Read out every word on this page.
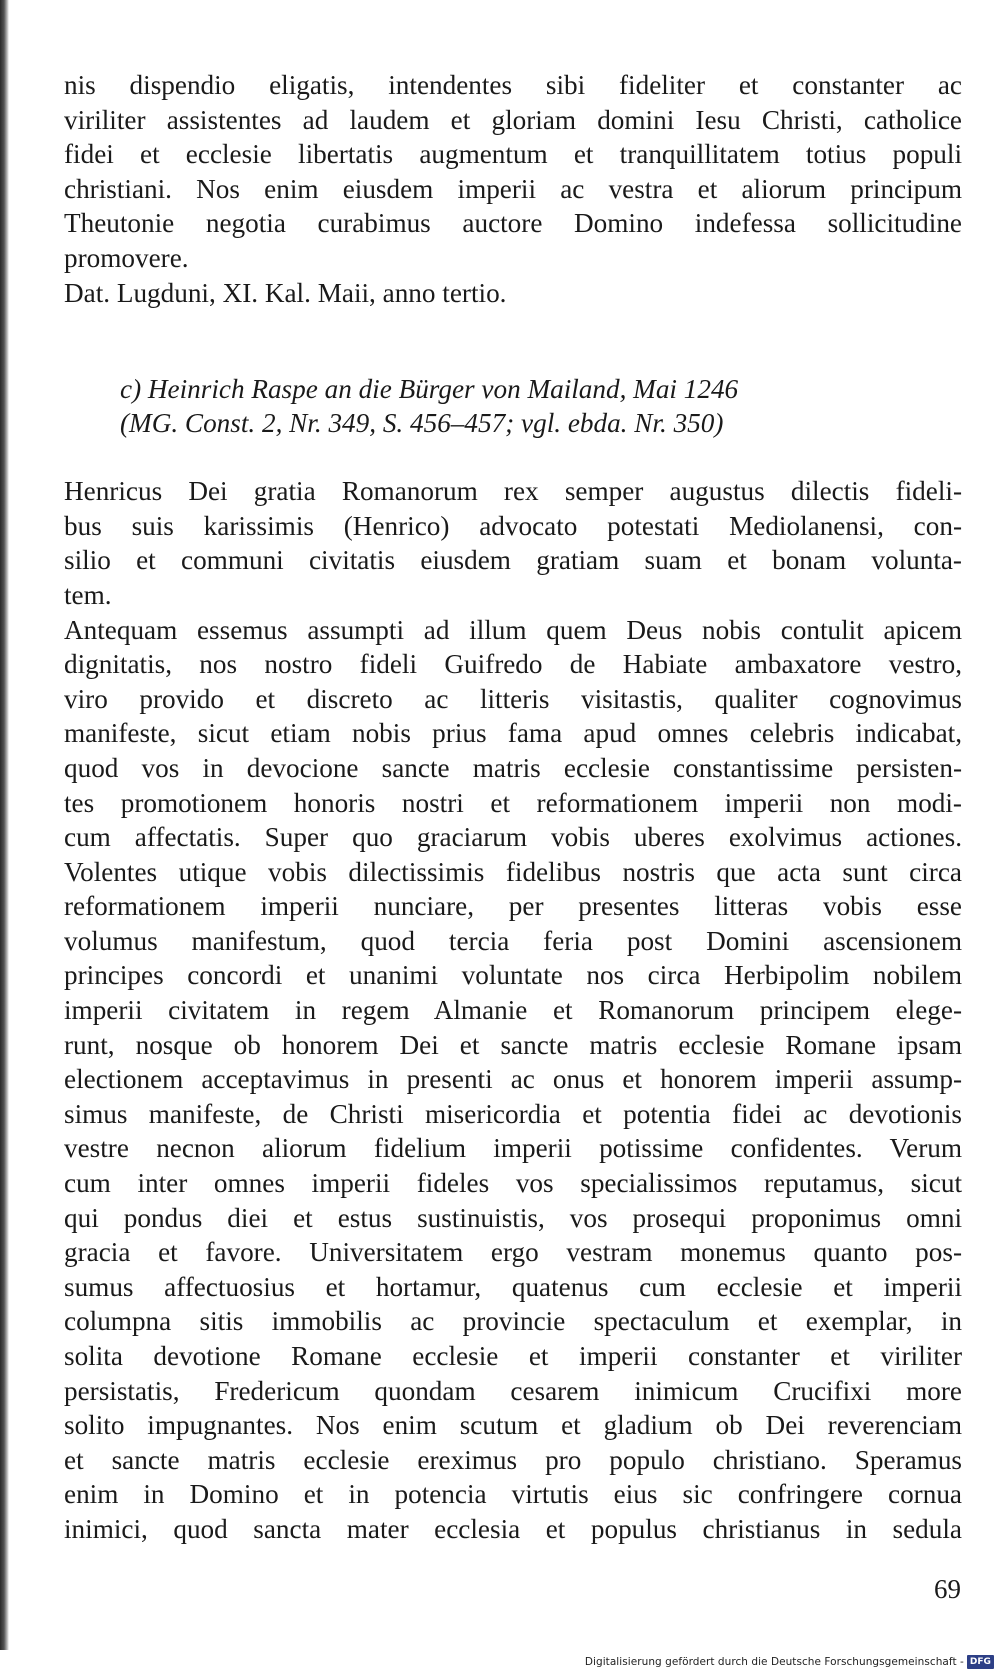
nis dispendio eligatis, intendentes sibi fideliter et constanter ac
viriliter assistentes ad laudem et gloriam domini Iesu Christi, catholice
fidei et ecclesie libertatis augmentum et tranquillitatem totius populi
christiani. Nos enim eiusdem imperii ac vestra et aliorum principum
Theutonie negotia curabimus auctore Domino indefessa sollicitudine
promovere.
Dat. Lugduni, XI. Kal. Maii, anno tertio.
c) Heinrich Raspe an die Bürger von Mailand, Mai 1246
(MG. Const. 2, Nr. 349, S. 456–457; vgl. ebda. Nr. 350)
Henricus Dei gratia Romanorum rex semper augustus dilectis fideli-
bus suis karissimis (Henrico) advocato potestati Mediolanensi, con-
silio et communi civitatis eiusdem gratiam suam et bonam volunta-
tem.
Antequam essemus assumpti ad illum quem Deus nobis contulit apicem
dignitatis, nos nostro fideli Guifredo de Habiate ambaxatore vestro,
viro provido et discreto ac litteris visitastis, qualiter cognovimus
manifeste, sicut etiam nobis prius fama apud omnes celebris indicabat,
quod vos in devocione sancte matris ecclesie constantissime persisten-
tes promotionem honoris nostri et reformationem imperii non modi-
cum affectatis. Super quo graciarum vobis uberes exolvimus actiones.
Volentes utique vobis dilectissimis fidelibus nostris que acta sunt circa
reformationem imperii nunciare, per presentes litteras vobis esse
volumus manifestum, quod tercia feria post Domini ascensionem
principes concordi et unanimi voluntate nos circa Herbipolim nobilem
imperii civitatem in regem Almanie et Romanorum principem elege-
runt, nosque ob honorem Dei et sancte matris ecclesie Romane ipsam
electionem acceptavimus in presenti ac onus et honorem imperii assump-
simus manifeste, de Christi misericordia et potentia fidei ac devotionis
vestre necnon aliorum fidelium imperii potissime confidentes. Verum
cum inter omnes imperii fideles vos specialissimos reputamus, sicut
qui pondus diei et estus sustinuistis, vos prosequi proponimus omni
gracia et favore. Universitatem ergo vestram monemus quanto pos-
sumus affectuosius et hortamur, quatenus cum ecclesie et imperii
columpna sitis immobilis ac provincie spectaculum et exemplar, in
solita devotione Romane ecclesie et imperii constanter et viriliter
persistatis, Fredericum quondam cesarem inimicum Crucifixi more
solito impugnantes. Nos enim scutum et gladium ob Dei reverenciam
et sancte matris ecclesie ereximus pro populo christiano. Speramus
enim in Domino et in potencia virtutis eius sic confringere cornua
inimici, quod sancta mater ecclesia et populus christianus in sedula
69
Digitalisierung gefördert durch die Deutsche Forschungsgemeinschaft - DFG
